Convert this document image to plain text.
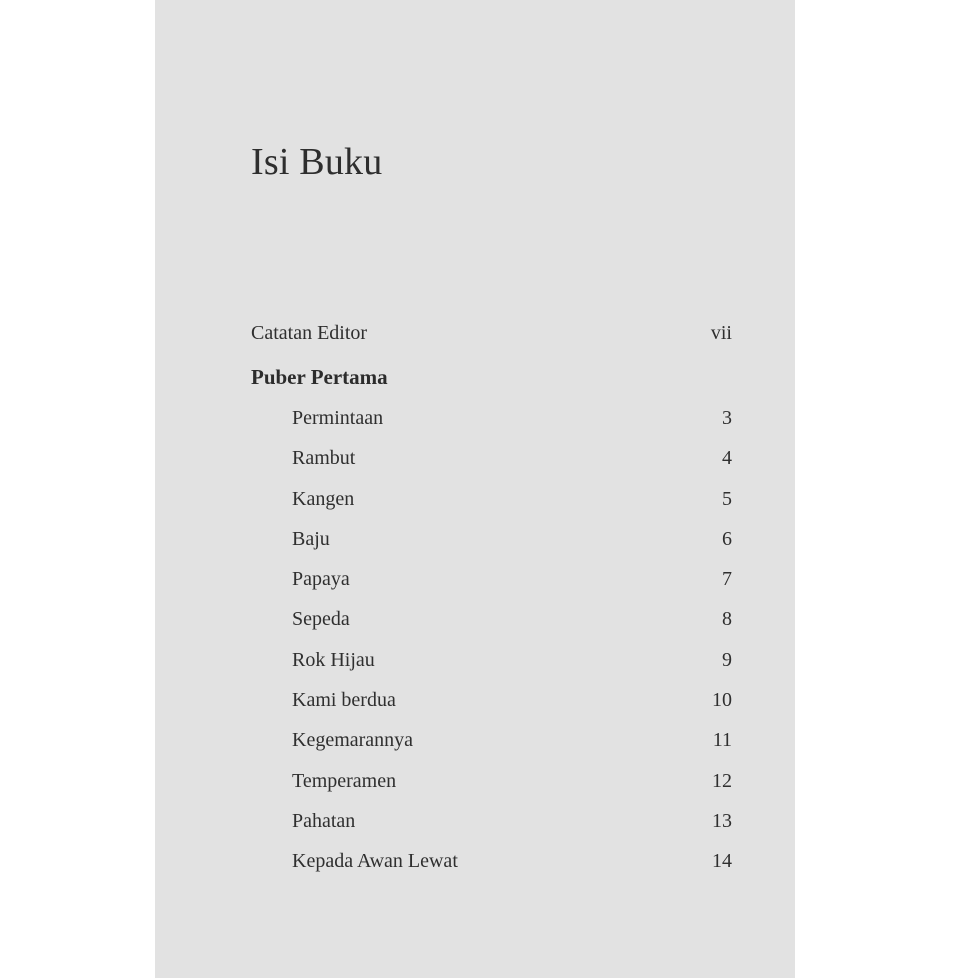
Isi Buku
Catatan Editor	vii
Puber Pertama
Permintaan	3
Rambut	4
Kangen	5
Baju	6
Papaya	7
Sepeda	8
Rok Hijau	9
Kami berdua	10
Kegemarannya	11
Temperamen	12
Pahatan	13
Kepada Awan Lewat	14
